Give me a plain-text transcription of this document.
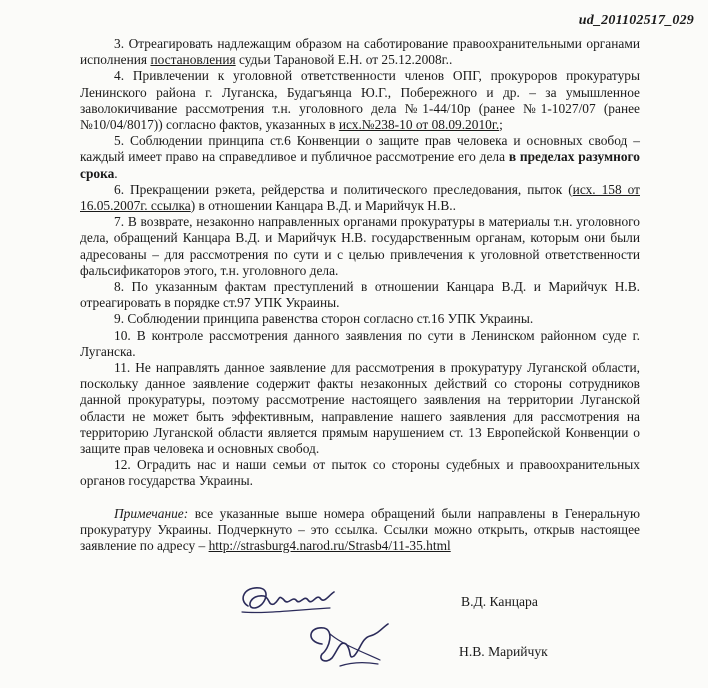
ud_201102517_029

3. Отреагировать надлежащим образом на саботирование правоохранительными органами исполнения постановления судьи Тарановой Е.Н. от 25.12.2008г..

4. Привлечении к уголовной ответственности членов ОПГ, прокуроров прокуратуры Ленинского района г. Луганска, Будагъянца Ю.Г., Побережного и др. – за умышленное заволокичивание рассмотрения т.н. уголовного дела №1-44/10р (ранее №1-1027/07 (ранее №10/04/8017)) согласно фактов, указанных в исх.№238-10 от 08.09.2010г.;

5. Соблюдении принципа ст.6 Конвенции о защите прав человека и основных свобод – каждый имеет право на справедливое и публичное рассмотрение его дела в пределах разумного срока.

6. Прекращении рэкета, рейдерства и политического преследования, пыток (исх. 158 от 16.05.2007г. ссылка) в отношении Канцара В.Д. и Марийчук Н.В..

7. В возврате, незаконно направленных органами прокуратуры в материалы т.н. уголовного дела, обращений Канцара В.Д. и Марийчук Н.В. государственным органам, которым они были адресованы – для рассмотрения по сути и с целью привлечения к уголовной ответственности фальсификаторов этого, т.н. уголовного дела.

8. По указанным фактам преступлений в отношении Канцара В.Д. и Марийчук Н.В. отреагировать в порядке ст.97 УПК Украины.

9. Соблюдении принципа равенства сторон согласно ст.16 УПК Украины.

10. В контроле рассмотрения данного заявления по сути в Ленинском районном суде г. Луганска.

11. Не направлять данное заявление для рассмотрения в прокуратуру Луганской области, поскольку данное заявление содержит факты незаконных действий со стороны сотрудников данной прокуратуры, поэтому рассмотрение настоящего заявления на территории Луганской области не может быть эффективным, направление нашего заявления для рассмотрения на территорию Луганской области является прямым нарушением ст. 13 Европейской Конвенции о защите прав человека и основных свобод.

12. Оградить нас и наши семьи от пыток со стороны судебных и правоохранительных органов государства Украины.

Примечание: все указанные выше номера обращений были направлены в Генеральную прокуратуру Украины. Подчеркнуто – это ссылка. Ссылки можно открыть, открыв настоящее заявление по адресу – http://strasburg4.narod.ru/Strasb4/11-35.html

В.Д. Канцара
Н.В. Марийчук
